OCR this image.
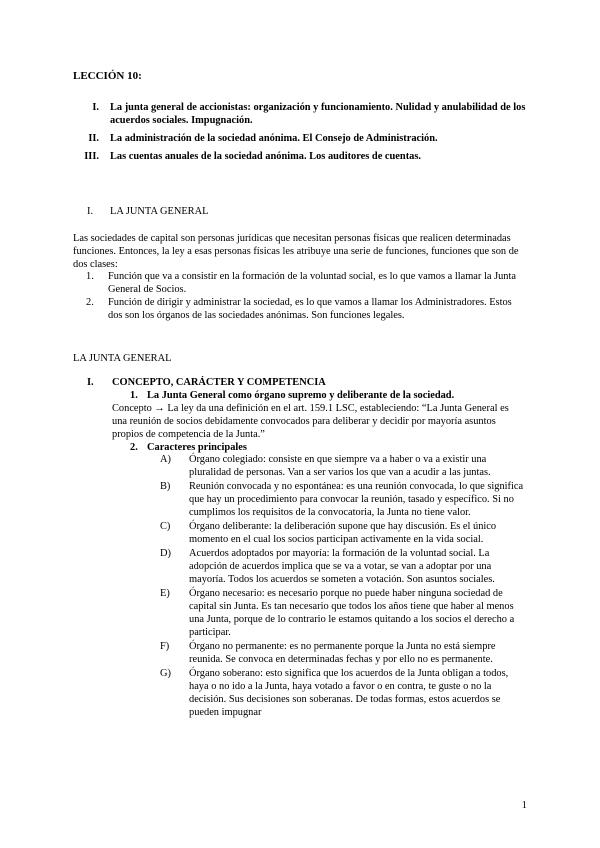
LECCIÓN 10:
I. La junta general de accionistas: organización y funcionamiento. Nulidad y anulabilidad de los acuerdos sociales. Impugnación.
II. La administración de la sociedad anónima. El Consejo de Administración.
III. Las cuentas anuales de la sociedad anónima. Los auditores de cuentas.
I. LA JUNTA GENERAL
Las sociedades de capital son personas jurídicas que necesitan personas físicas que realicen determinadas funciones. Entonces, la ley a esas personas físicas les atribuye una serie de funciones, funciones que son de dos clases:
1. Función que va a consistir en la formación de la voluntad social, es lo que vamos a llamar la Junta General de Socios.
2. Función de dirigir y administrar la sociedad, es lo que vamos a llamar los Administradores. Estos dos son los órganos de las sociedades anónimas. Son funciones legales.
LA JUNTA GENERAL
I. CONCEPTO, CARÁCTER Y COMPETENCIA
1. La Junta General como órgano supremo y deliberante de la sociedad.
Concepto → La ley da una definición en el art. 159.1 LSC, estableciendo: “La Junta General es una reunión de socios debidamente convocados para deliberar y decidir por mayoría asuntos propios de competencia de la Junta.”
2. Caracteres principales
A) Órgano colegiado: consiste en que siempre va a haber o va a existir una pluralidad de personas. Van a ser varios los que van a acudir a las juntas.
B) Reunión convocada y no espontánea: es una reunión convocada, lo que significa que hay un procedimiento para convocar la reunión, tasado y específico. Si no cumplimos los requisitos de la convocatoria, la Junta no tiene valor.
C) Órgano deliberante: la deliberación supone que hay discusión. Es el único momento en el cual los socios participan activamente en la vida social.
D) Acuerdos adoptados por mayoría: la formación de la voluntad social. La adopción de acuerdos implica que se va a votar, se van a adoptar por una mayoría. Todos los acuerdos se someten a votación. Son asuntos sociales.
E) Órgano necesario: es necesario porque no puede haber ninguna sociedad de capital sin Junta. Es tan necesario que todos los años tiene que haber al menos una Junta, porque de lo contrario le estamos quitando a los socios el derecho a participar.
F) Órgano no permanente: es no permanente porque la Junta no está siempre reunida. Se convoca en determinadas fechas y por ello no es permanente.
G) Órgano soberano: esto significa que los acuerdos de la Junta obligan a todos, haya o no ido a la Junta, haya votado a favor o en contra, te guste o no la decisión. Sus decisiones son soberanas. De todas formas, estos acuerdos se pueden impugnar
1
